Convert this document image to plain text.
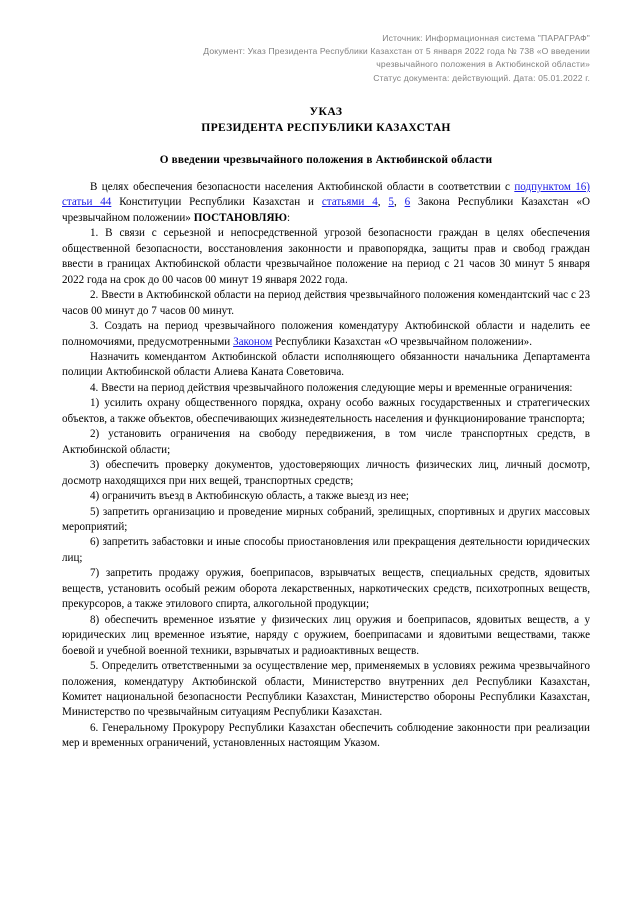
Источник: Информационная система "ПАРАГРАФ"
Документ: Указ Президента Республики Казахстан от 5 января 2022 года № 738 «О введении
чрезвычайного положения в Актюбинской области»
Статус документа: действующий. Дата: 05.01.2022 г.
УКАЗ
ПРЕЗИДЕНТА РЕСПУБЛИКИ КАЗАХСТАН
О введении чрезвычайного положения в Актюбинской области

В целях обеспечения безопасности населения Актюбинской области в соответствии с подпунктом 16) статьи 44 Конституции Республики Казахстан и статьями 4, 5, 6 Закона Республики Казахстан «О чрезвычайном положении» ПОСТАНОВЛЯЮ:

1. В связи с серьезной и непосредственной угрозой безопасности граждан в целях обеспечения общественной безопасности, восстановления законности и правопорядка, защиты прав и свобод граждан ввести в границах Актюбинской области чрезвычайное положение на период с 21 часов 30 минут 5 января 2022 года на срок до 00 часов 00 минут 19 января 2022 года.

2. Ввести в Актюбинской области на период действия чрезвычайного положения комендантский час с 23 часов 00 минут до 7 часов 00 минут.

3. Создать на период чрезвычайного положения комендатуру Актюбинской области и наделить ее полномочиями, предусмотренными Законом Республики Казахстан «О чрезвычайном положении».

Назначить комендантом Актюбинской области исполняющего обязанности начальника Департамента полиции Актюбинской области Алиева Каната Советовича.

4. Ввести на период действия чрезвычайного положения следующие меры и временные ограничения:

1) усилить охрану общественного порядка, охрану особо важных государственных и стратегических объектов, а также объектов, обеспечивающих жизнедеятельность населения и функционирование транспорта;

2) установить ограничения на свободу передвижения, в том числе транспортных средств, в Актюбинской области;

3) обеспечить проверку документов, удостоверяющих личность физических лиц, личный досмотр, досмотр находящихся при них вещей, транспортных средств;

4) ограничить въезд в Актюбинскую область, а также выезд из нее;

5) запретить организацию и проведение мирных собраний, зрелищных, спортивных и других массовых мероприятий;

6) запретить забастовки и иные способы приостановления или прекращения деятельности юридических лиц;

7) запретить продажу оружия, боеприпасов, взрывчатых веществ, специальных средств, ядовитых веществ, установить особый режим оборота лекарственных, наркотических средств, психотропных веществ, прекурсоров, а также этилового спирта, алкогольной продукции;

8) обеспечить временное изъятие у физических лиц оружия и боеприпасов, ядовитых веществ, а у юридических лиц временное изъятие, наряду с оружием, боеприпасами и ядовитыми веществами, также боевой и учебной военной техники, взрывчатых и радиоактивных веществ.

5. Определить ответственными за осуществление мер, применяемых в условиях режима чрезвычайного положения, комендатуру Актюбинской области, Министерство внутренних дел Республики Казахстан, Комитет национальной безопасности Республики Казахстан, Министерство обороны Республики Казахстан, Министерство по чрезвычайным ситуациям Республики Казахстан.

6. Генеральному Прокурору Республики Казахстан обеспечить соблюдение законности при реализации мер и временных ограничений, установленных настоящим Указом.
